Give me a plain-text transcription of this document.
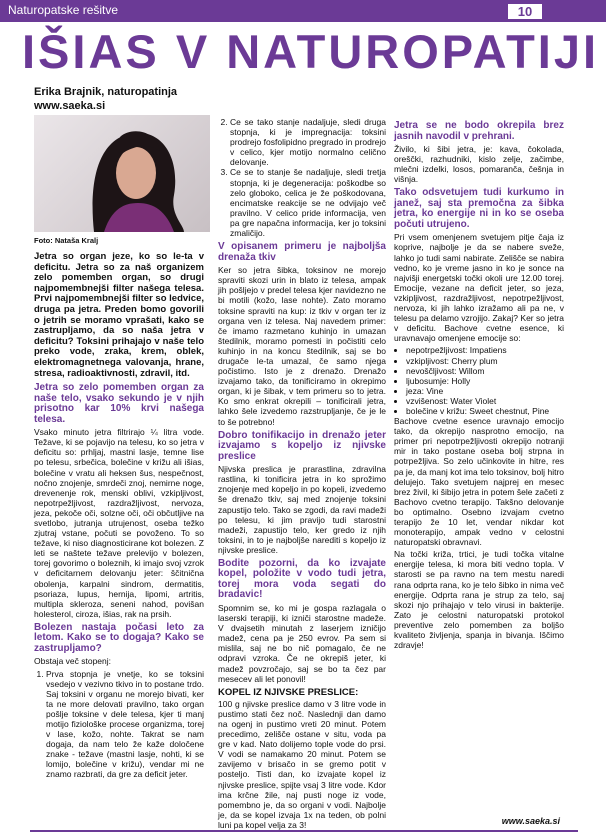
Naturopatske rešitve	10
IŠIAS V NATUROPATIJI
Erika Brajnik, naturopatinja
www.saeka.si
Foto: Nataša Kralj

Jetra so organ jeze, ko so le-ta v deficitu. Jetra so za naš organizem zelo pomemben organ, so drugi najpomembnejši filter našega telesa. Prvi najpomembnejši filter so ledvice, druga pa jetra. Preden bomo govorili o jetrih se moramo vprašati, kako se zastrupljamo, da so naša jetra v deficitu? Toksini prihajajo v naše telo preko vode, zraka, krem, oblek, elektromagnetnega valovanja, hrane, stresa, radioaktivnosti, zdravil, itd.

Jetra so zelo pomemben organ za naše telo, vsako sekundo je v njih prisotno kar 10% krvi našega telesa.

Vsako minuto jetra filtrirajo ¼ litra vode. Težave, ki se pojavijo na telesu, ko so jetra v deficitu so: prhljaj, mastni lasje, temne lise po telesu, srbečica, bolečine v križu ali išias, bolečine v vratu ali heksen šus, nespečnost, nočno znojenje, smrdeči znoj, nemirne noge, drevenenje rok, menski oblivi, vzkipljivost, nepotrpežljivost, razdražljivost, nervoza, jeza, pekoče oči, solzne oči, oči občutljive na svetlobo, jutranja utrujenost, oseba težko zjutraj vstane, počuti se povoženo. To so težave, ki niso diagnosticirane kot bolezen. Z leti se naštete težave prelevijo v bolezen, torej govorimo o boleznih, ki imajo svoj vzrok v deficitarnem delovanju jeter: ščitnična obolenja, karpalni sindrom, dermatitis, psoriaza, lupus, hernija, lipomi, artritis, multipla skleroza, seneni nahod, povišan holesterol, ciroza, išias, rak na prsih.

Bolezen nastaja počasi leto za letom. Kako se to dogaja? Kako se zastrupljamo?

Obstaja več stopenj:

1. Prva stopnja je vnetje, ko se toksini vsedejo v vezivno tkivo in to postane trdo. Saj toksini v organu ne morejo bivati, ker ta ne more delovati pravilno, tako organ pošlje toksine v dele telesa, kjer ti manj motijo fiziološke procese organizma, torej v lase, kožo, nohte. Takrat se nam dogaja, da nam telo že kaže določene znake - težave (mastni lasje, nohti, ki se lomijo, bolečine v križu), vendar mi ne znamo razbrati, da gre za deficit jeter.
2. Ce se tako stanje nadaljuje, sledi druga stopnja, ki je impregnacija: toksini prodrejo fosfolipidno pregrado in prodrejo v celico, kjer motijo normalno celično delovanje.
3. Ce se to stanje še nadaljuje, sledi tretja stopnja, ki je degeneracija: poškodbe so zelo globoko, celica je že poškodovana, encimatske reakcije se ne odvijajo več pravilno. V celico pride informacija, ven pa gre napačna informacija, ker jo toksini zmaličijo.
V opisanem primeru je najboljša drenaža tkiv

Ker so jetra šibka, toksinov ne morejo spraviti skozi urin in blato iz telesa, ampak jih pošljejo v predel telesa kjer navidezno ne bi motili (kožo, lase nohte). Zato moramo toksine spraviti na kup: iz tkiv v organ ter iz organa ven iz telesa. Naj navedem primer: če imamo razmetano kuhinjo in umazan štedilnik, moramo pomesti in počistiti celo kuhinjo in na koncu štedilnik, saj se bo drugače le-ta umazal, če samo njega počistimo. Isto je z drenažo. Drenažo izvajamo tako, da tonificiramo in okrepimo organ, ki je šibak, v tem primeru so to jetra. Ko smo enkrat okrepili – tonificirali jetra, lahko šele izvedemo razstrupljanje, če je le to še potrebno!

Dobro tonifikacijo in drenažo jeter izvajamo s kopeljo iz njivske preslice

Njivska preslica je prarastlina, zdravilna rastlina, ki tonificira jetra in ko sprožimo znojenje med kopeljo in po kopeli, izvedemo še drenažo tkiv, saj med znojenje toksini zapustijo telo. Tako se zgodi, da ravi madeži po telesu, ki jim pravijo tudi starostni madeži, zapustijo telo, ker gredo iz njih toksini, in to je najboljše narediti s kopeljo iz njivske preslice.

Bodite pozorni, da ko izvajate kopel, položite v vodo tudi jetra, torej mora voda segati do bradavic!

Spomnim se, ko mi je gospa razlagala o laserski terapiji, ki izniči starostne madeže. V dvajsetih minutah z laserjem izničijo madež, cena pa je 250 evrov. Pa sem si mislila, saj ne bo nič pomagalo, če ne odpravi vzroka. Če ne okrepiš jeter, ki madež povzročajo, saj se bo ta čez par mesecev ali let ponovil!

KOPEL IZ NJIVSKE PRESLICE:

100 g njivske preslice damo v 3 litre vode in pustimo stati čez noč. Naslednji dan damo na ogenj in pustimo vreti 20 minut. Potem precedimo, zelišče ostane v situ, voda pa gre v kad. Nato dolijemo tople vode do prsi. V vodi se namakamo 20 minut. Potem se zavijemo v brisačo in se gremo potit v posteljo. Tisti dan, ko izvajate kopel iz njivske preslice, spijte vsaj 3 litre vode. Kdor ima krčne žile, naj pusti noge iz vode, pomembno je, da so organi v vodi. Najbolje je, da se kopel izvaja 1x na teden, ob polni luni pa kopel velja za 3!

Jetra se ne bodo okrepila brez jasnih navodil v prehrani.

Živilo, ki šibi jetra, je: kava, čokolada, oreščki, razhudniki, kislo zelje, začimbe, mlečni izdelki, losos, pomaranča, češnja in višnja.

Tako odsvetujem tudi kurkumo in janež, saj sta premočna za šibka jetra, ko energije ni in ko se oseba počuti utrujeno.

Pri vsem omenjenem svetujem pitje čaja iz koprive, najbolje je da se nabere sveže, lahko jo tudi sami nabirate. Zelišče se nabira vedno, ko je vreme jasno in ko je sonce na najvišji energetski točki okoli ure 12.00 torej. Emocije, vezane na deficit jeter, so jeza, vzkipljivost, razdražljivost, nepotrpežljivost, nervoza, ki jih lahko izražamo ali pa ne, v telesu pa delamo vzrojijo. Zakaj? Ker so jetra v deficitu. Bachove cvetne esence, ki uravnavajo omenjene emocije so:

• nepotrpežljivost: Impatiens
• vzkipljivost: Cherry plum
• nevoščljivost: Willom
• ljubosumje: Holly
• jeza: Vine
• vzvišenost: Water Violet
• bolečine v križu: Sweet chestnut, Pine

Bachove cvetne esence uravnajo emocijo tako, da okrepijo nasprotno emocijo, na primer pri nepotrpežljivosti okrepijo notranji mir in tako postane oseba bolj strpna in potrpežljiva. So zelo učinkovite in hitre, res pa je, da manj kot ima telo toksinov, bolj hitro delujejo. Tako svetujem najprej en mesec brez živil, ki šibijo jetra in potem šele začeti z Bachovo cvetno terapijo. Takšno delovanje bo optimalno. Osebno izvajam cvetno terapijo že 10 let, vendar nikdar kot monoterapijo, ampak vedno v celostni naturopatski obravnavi.

Na točki križa, trtici, je tudi točka vitalne energije telesa, ki mora biti vedno topla. V starosti se pa ravno na tem mestu naredi rana odprta rana, ko je telo šibko in nima več energije. Odprta rana je strup za telo, saj skozi njo prihajajo v telo virusi in bakterije. Zato je celostni naturopatski protokol preventive zelo pomemben za boljšo kvaliteto življenja, spanja in bivanja. Iščimo zdravje!

www.saeka.si
